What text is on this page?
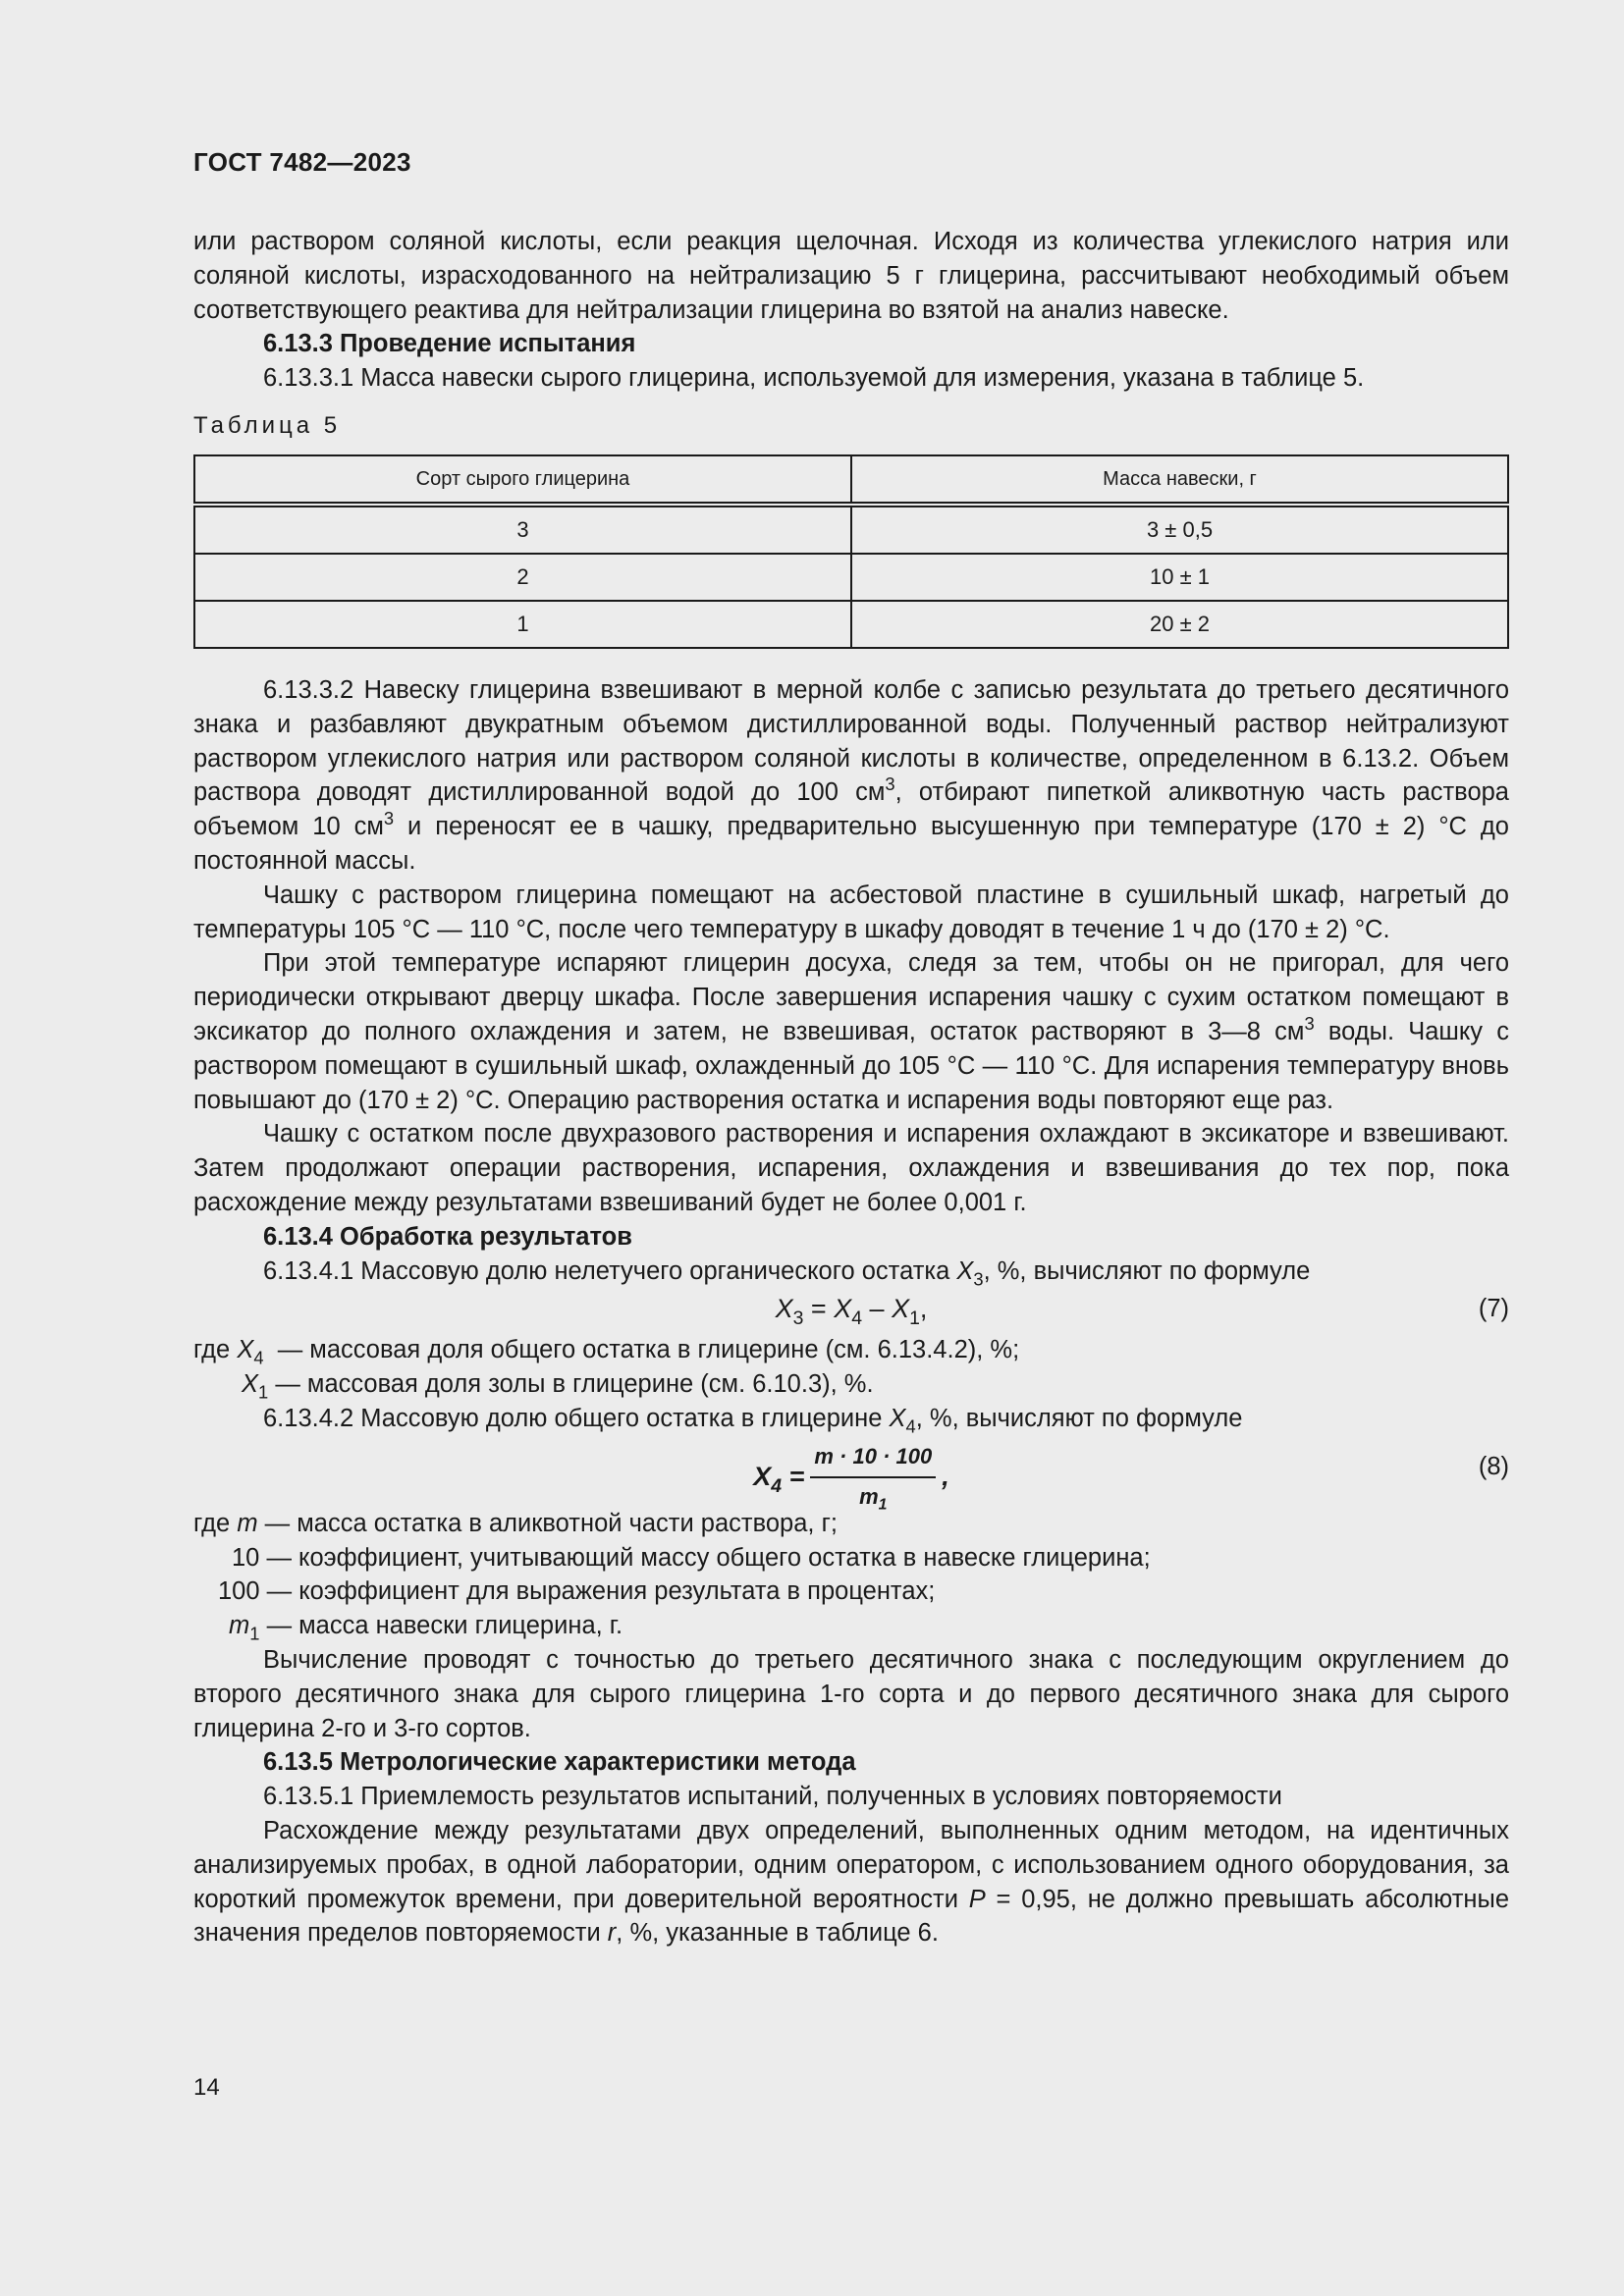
ГОСТ 7482—2023

или раствором соляной кислоты, если реакция щелочная. Исходя из количества углекислого натрия или соляной кислоты, израсходованного на нейтрализацию 5 г глицерина, рассчитывают необходимый объем соответствующего реактива для нейтрализации глицерина во взятой на анализ навеске.

6.13.3 Проведение испытания

6.13.3.1 Масса навески сырого глицерина, используемой для измерения, указана в таблице 5.

Таблица 5
Сорт сырого глицерина	Масса навески, г
3	3 ± 0,5
2	10 ± 1
1	20 ± 2

6.13.3.2 Навеску глицерина взвешивают в мерной колбе с записью результата до третьего десятичного знака и разбавляют двукратным объемом дистиллированной воды. Полученный раствор нейтрализуют раствором углекислого натрия или раствором соляной кислоты в количестве, определенном в 6.13.2. Объем раствора доводят дистиллированной водой до 100 $см^3$, отбирают пипеткой аликвотную часть раствора объемом 10 $см^3$ и переносят ее в чашку, предварительно высушенную при температуре (170 ± 2) °С до постоянной массы.

Чашку с раствором глицерина помещают на асбестовой пластине в сушильный шкаф, нагретый до температуры 105 °С — 110 °С, после чего температуру в шкафу доводят в течение 1 ч до (170 ± 2) °С.

При этой температуре испаряют глицерин досуха, следя за тем, чтобы он не пригорал, для чего периодически открывают дверцу шкафа. После завершения испарения чашку с сухим остатком помещают в эксикатор до полного охлаждения и затем, не взвешивая, остаток растворяют в 3—8 $см^3$ воды. Чашку с раствором помещают в сушильный шкаф, охлажденный до 105 °С — 110 °С. Для испарения температуру вновь повышают до (170 ± 2) °С. Операцию растворения остатка и испарения воды повторяют еще раз.

Чашку с остатком после двухразового растворения и испарения охлаждают в эксикаторе и взвешивают. Затем продолжают операции растворения, испарения, охлаждения и взвешивания до тех пор, пока расхождение между результатами взвешиваний будет не более 0,001 г.

6.13.4 Обработка результатов

6.13.4.1 Массовую долю нелетучего органического остатка $X_3$, %, вычисляют по формуле

$X_3 = X_4 - X_1$,	(7)

где $X_4$ — массовая доля общего остатка в глицерине (см. 6.13.4.2), %;

$X_1$ — массовая доля золы в глицерине (см. 6.10.3), %.

6.13.4.2 Массовую долю общего остатка в глицерине $X_4$, %, вычисляют по формуле

$X_4 = \frac{m \cdot 10 \cdot 100}{m_1}$ ,	(8)

где m — масса остатка в аликвотной части раствора, г;

10 — коэффициент, учитывающий массу общего остатка в навеске глицерина;

100 — коэффициент для выражения результата в процентах;

$m_1$ — масса навески глицерина, г.

Вычисление проводят с точностью до третьего десятичного знака с последующим округлением до второго десятичного знака для сырого глицерина 1-го сорта и до первого десятичного знака для сырого глицерина 2-го и 3-го сортов.

6.13.5 Метрологические характеристики метода

6.13.5.1 Приемлемость результатов испытаний, полученных в условиях повторяемости

Расхождение между результатами двух определений, выполненных одним методом, на идентичных анализируемых пробах, в одной лаборатории, одним оператором, с использованием одного оборудования, за короткий промежуток времени, при доверительной вероятности P = 0,95, не должно превышать абсолютные значения пределов повторяемости r, %, указанные в таблице 6.

14
